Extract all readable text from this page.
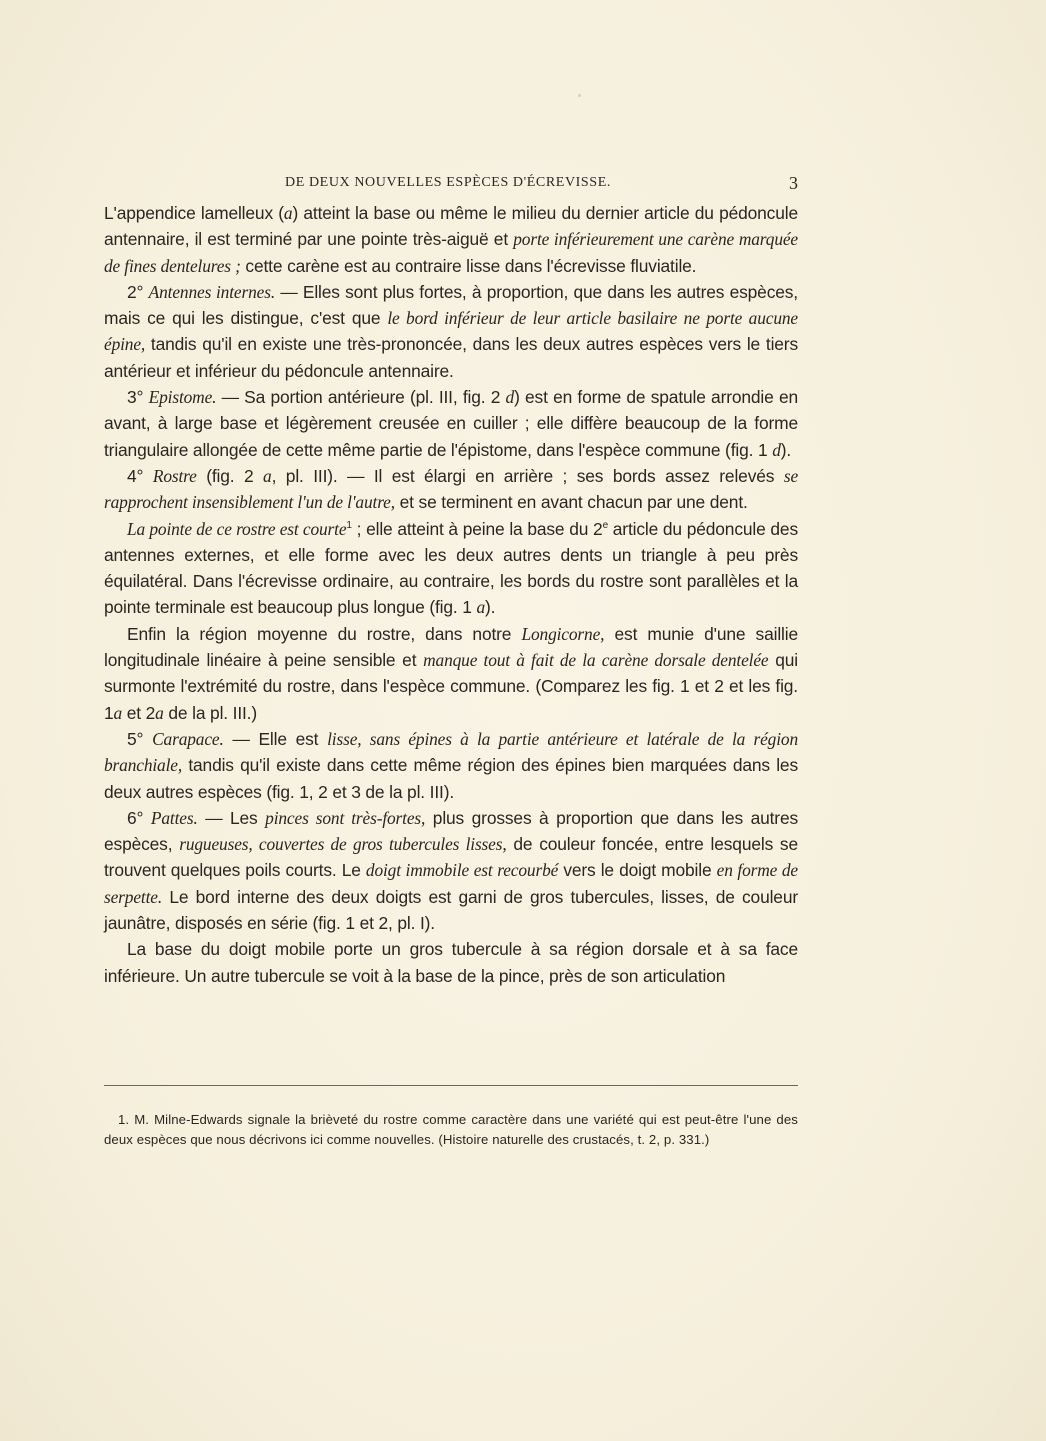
DE DEUX NOUVELLES ESPÈCES D'ÉCREVISSE.	3

L'appendice lamelleux (a) atteint la base ou même le milieu du dernier article du pédoncule antennaire, il est terminé par une pointe très-aiguë et porte inférieurement une carène marquée de fines dentelures ; cette carène est au contraire lisse dans l'écrevisse fluviatile.

2° Antennes internes. — Elles sont plus fortes, à proportion, que dans les autres espèces, mais ce qui les distingue, c'est que le bord inférieur de leur article basilaire ne porte aucune épine, tandis qu'il en existe une très-prononcée, dans les deux autres espèces vers le tiers antérieur et inférieur du pédoncule antennaire.

3° Epistome. — Sa portion antérieure (pl. III, fig. 2 d) est en forme de spatule arrondie en avant, à large base et légèrement creusée en cuiller ; elle diffère beaucoup de la forme triangulaire allongée de cette même partie de l'épistome, dans l'espèce commune (fig. 1 d).

4° Rostre (fig. 2 a, pl. III). — Il est élargi en arrière ; ses bords assez relevés se rapprochent insensiblement l'un de l'autre, et se terminent en avant chacun par une dent.

La pointe de ce rostre est courte$^1$ ; elle atteint à peine la base du 2e article du pédoncule des antennes externes, et elle forme avec les deux autres dents un triangle à peu près équilatéral. Dans l'écrevisse ordinaire, au contraire, les bords du rostre sont parallèles et la pointe terminale est beaucoup plus longue (fig. 1 a).

Enfin la région moyenne du rostre, dans notre Longicorne, est munie d'une saillie longitudinale linéaire à peine sensible et manque tout à fait de la carène dorsale dentelée qui surmonte l'extrémité du rostre, dans l'espèce commune. (Comparez les fig. 1 et 2 et les fig. 1a et 2a de la pl. III.)

5° Carapace. — Elle est lisse, sans épines à la partie antérieure et latérale de la région branchiale, tandis qu'il existe dans cette même région des épines bien marquées dans les deux autres espèces (fig. 1, 2 et 3 de la pl. III).

6° Pattes. — Les pinces sont très-fortes, plus grosses à proportion que dans les autres espèces, rugueuses, couvertes de gros tubercules lisses, de couleur foncée, entre lesquels se trouvent quelques poils courts. Le doigt immobile est recourbé vers le doigt mobile en forme de serpette. Le bord interne des deux doigts est garni de gros tubercules, lisses, de couleur jaunâtre, disposés en série (fig. 1 et 2, pl. I).

La base du doigt mobile porte un gros tubercule à sa région dorsale et à sa face inférieure. Un autre tubercule se voit à la base de la pince, près de son articulation

1. M. Milne-Edwards signale la brièveté du rostre comme caractère dans une variété qui est peut-être l'une des deux espèces que nous décrivons ici comme nouvelles. (Histoire naturelle des crustacés, t. 2, p. 331.)
